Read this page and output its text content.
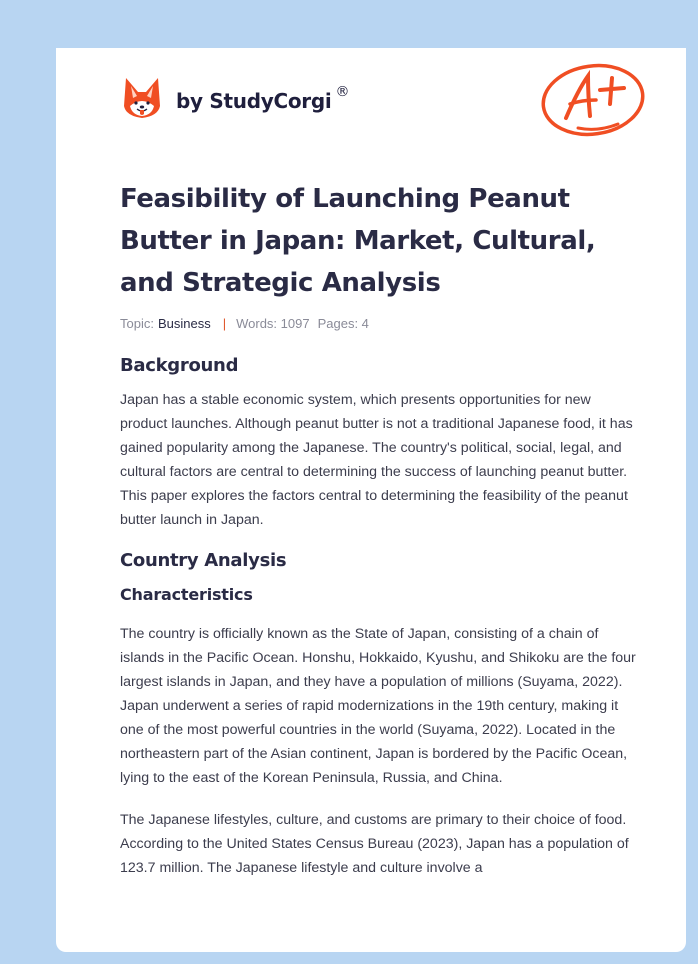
by StudyCorgi ®
Feasibility of Launching Peanut Butter in Japan: Market, Cultural, and Strategic Analysis
Topic: Business | Words: 1097 Pages: 4
Background

Japan has a stable economic system, which presents opportunities for new product launches. Although peanut butter is not a traditional Japanese food, it has gained popularity among the Japanese. The country's political, social, legal, and cultural factors are central to determining the success of launching peanut butter. This paper explores the factors central to determining the feasibility of the peanut butter launch in Japan.

Country Analysis
Characteristics

The country is officially known as the State of Japan, consisting of a chain of islands in the Pacific Ocean. Honshu, Hokkaido, Kyushu, and Shikoku are the four largest islands in Japan, and they have a population of millions (Suyama, 2022). Japan underwent a series of rapid modernizations in the 19th century, making it one of the most powerful countries in the world (Suyama, 2022). Located in the northeastern part of the Asian continent, Japan is bordered by the Pacific Ocean, lying to the east of the Korean Peninsula, Russia, and China.

The Japanese lifestyles, culture, and customs are primary to their choice of food. According to the United States Census Bureau (2023), Japan has a population of 123.7 million. The Japanese lifestyle and culture involve a
